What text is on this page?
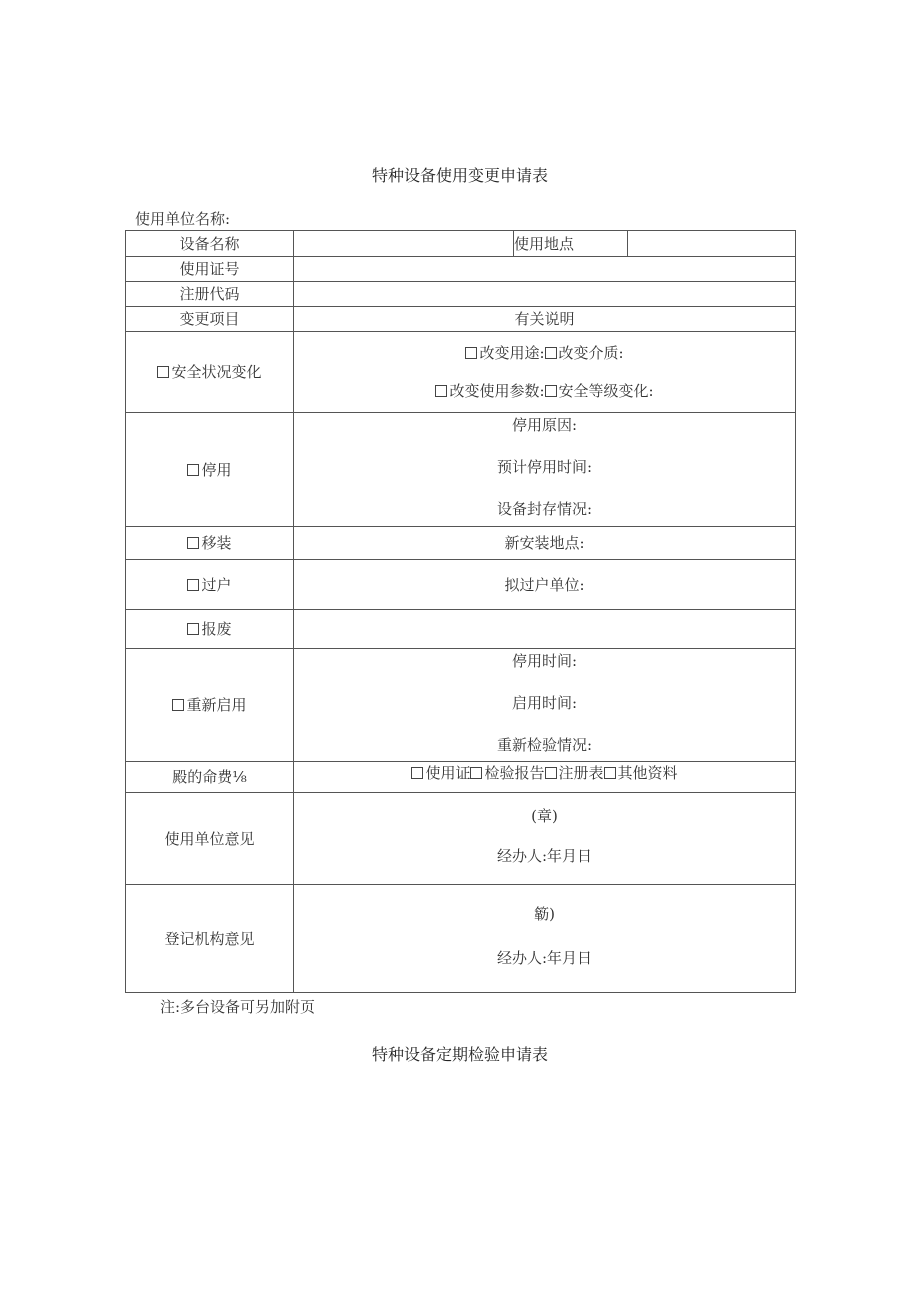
特种设备使用变更申请表
使用单位名称:
设备名称		使用地点	
使用证号			
注册代码			
变更项目	有关说明		
安全状况变化	改变用途: 改变介质:
改变使用参数: 安全等级变化:		

停用	停用原因:
预计停用时间:
设备封存情况:		

移装	新安装地点:		
过户	拟过户单位:		
报废			
重新启用	停用时间:
启用时间:
重新检验情况:		

殿的命费⅛	使用证 检验报告 注册表 其他资料		
使用单位意见	(章)
经办人:年月日		

登记机构意见	簕)
经办人:年月日		
注:多台设备可另加附页
特种设备定期检验申请表
